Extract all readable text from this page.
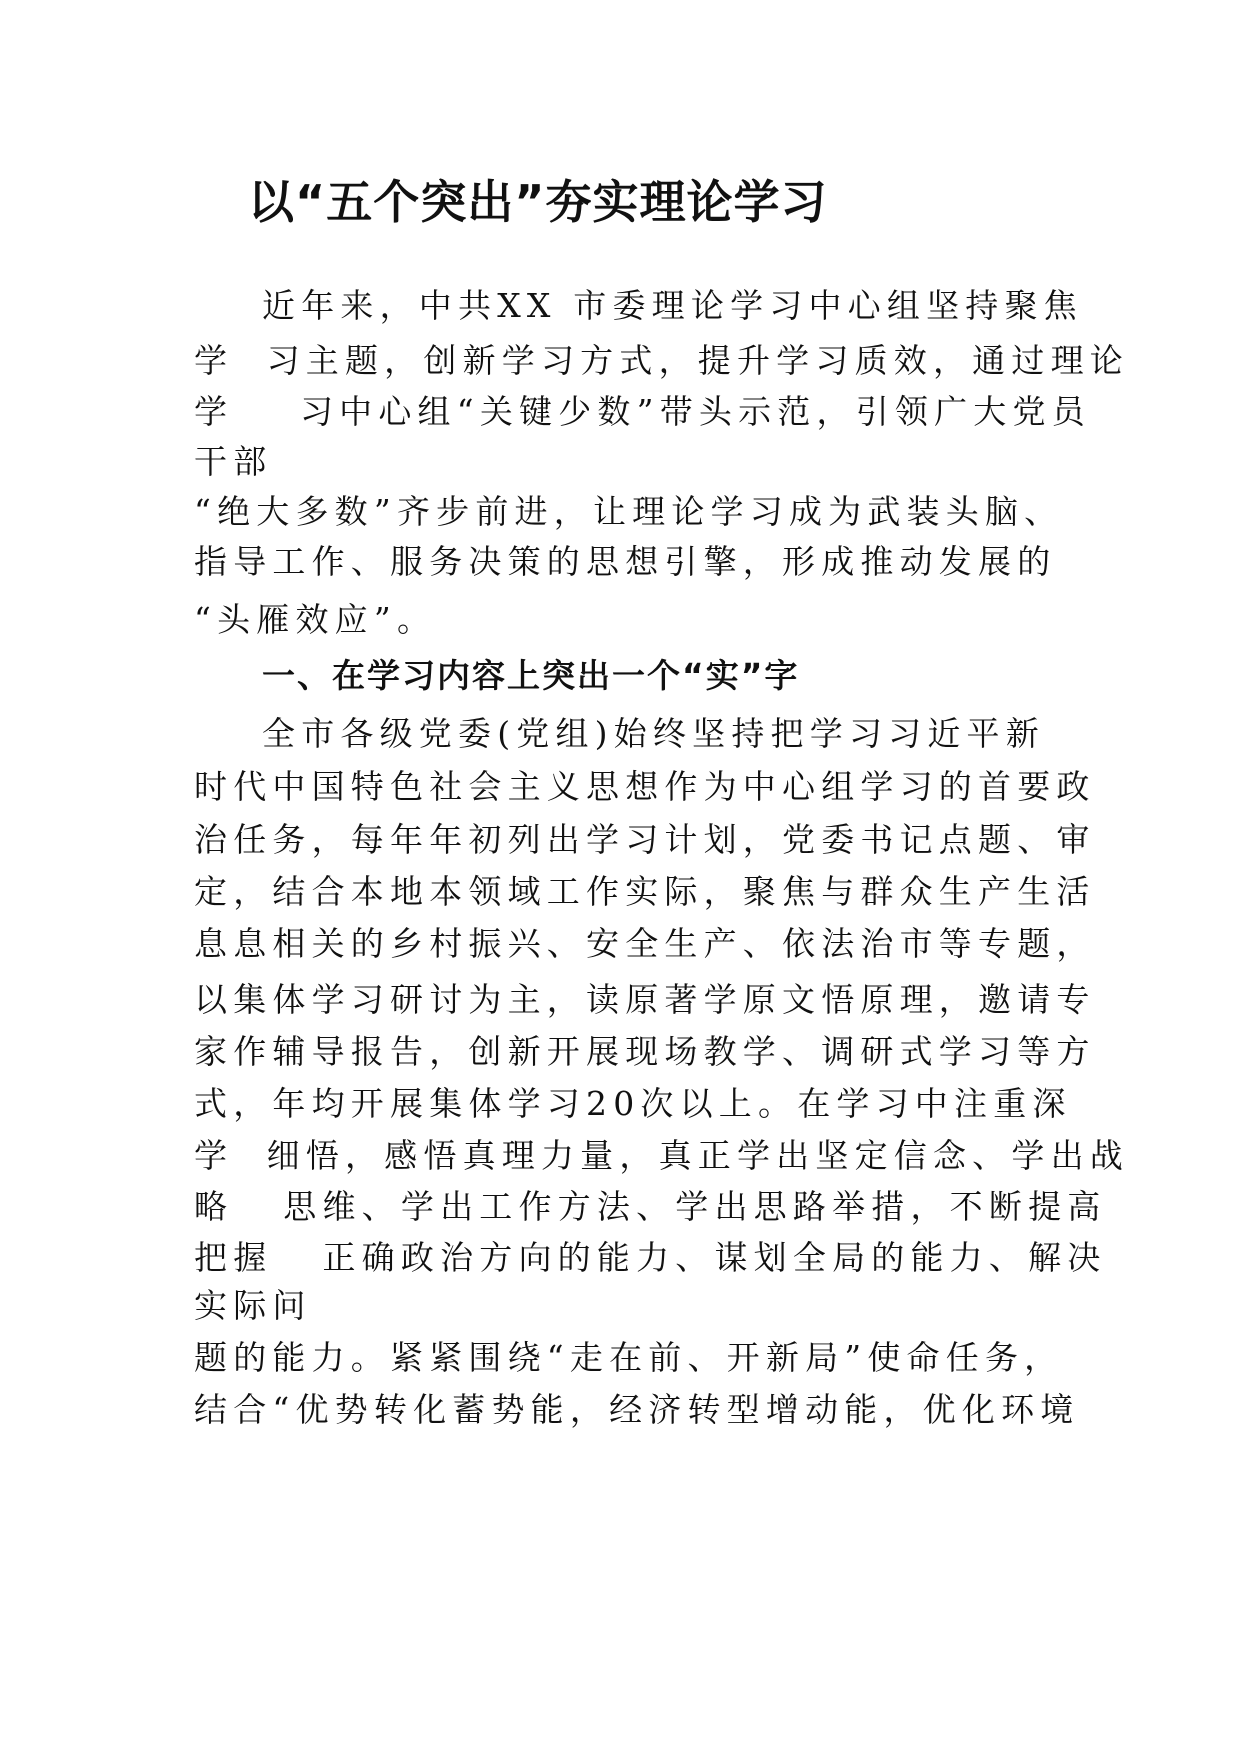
以“五个突出”夯实理论学习

近年来，中共XX 市委理论学习中心组坚持聚焦

学  习主题，创新学习方式，提升学习质效，通过理论

学    习中心组“关键少数”带头示范，引领广大党员

干部

“绝大多数”齐步前进，让理论学习成为武装头脑、

指导工作、服务决策的思想引擎，形成推动发展的

“头雁效应”。

一、在学习内容上突出一个“实”字

全市各级党委(党组)始终坚持把学习习近平新

时代中国特色社会主义思想作为中心组学习的首要政

治任务，每年年初列出学习计划，党委书记点题、审

定，结合本地本领域工作实际，聚焦与群众生产生活

息息相关的乡村振兴、安全生产、依法治市等专题，

以集体学习研讨为主，读原著学原文悟原理，邀请专

家作辅导报告，创新开展现场教学、调研式学习等方

式，年均开展集体学习20次以上。在学习中注重深

学  细悟，感悟真理力量，真正学出坚定信念、学出战

略   思维、学出工作方法、学出思路举措，不断提高

把握   正确政治方向的能力、谋划全局的能力、解决

实际问

题的能力。紧紧围绕“走在前、开新局”使命任务，

结合“优势转化蓄势能，经济转型增动能，优化环境
